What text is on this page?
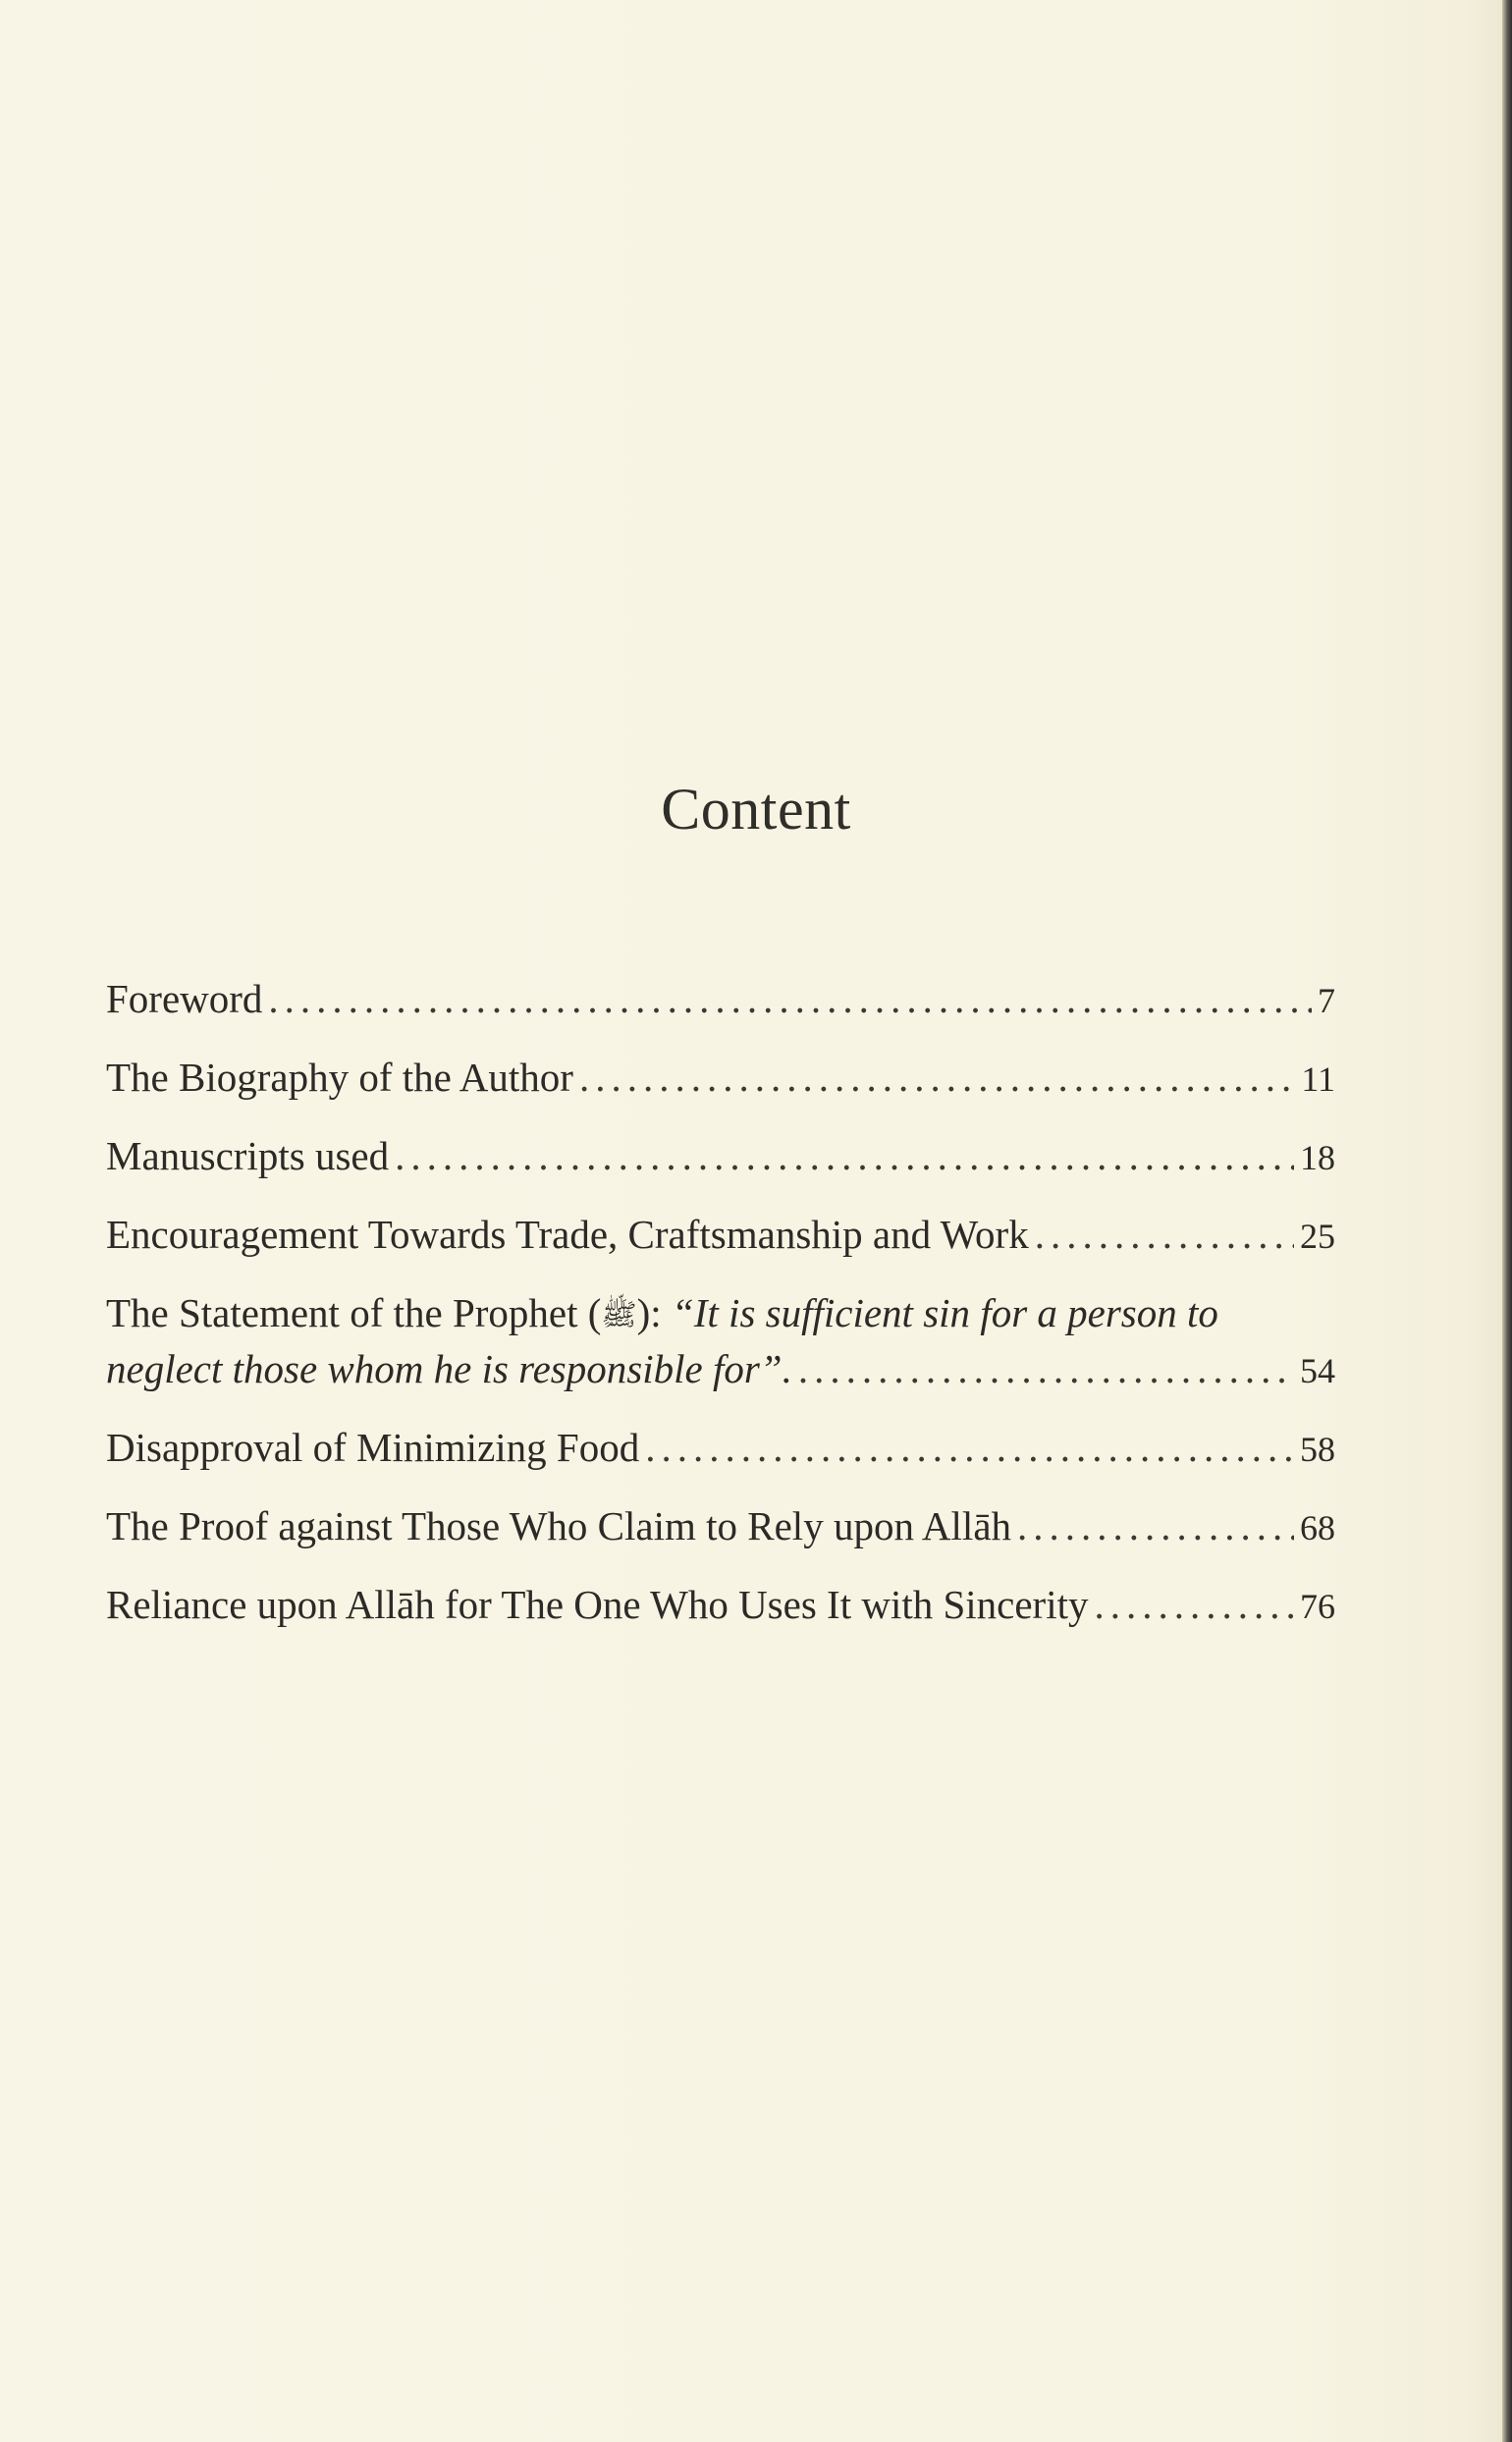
Content
Foreword .....	7
The Biography of the Author .....	11
Manuscripts used .....	18
Encouragement Towards Trade, Craftsmanship and Work .....	25
The Statement of the Prophet (ﷺ): “It is sufficient sin for a person to
neglect those whom he is responsible for”. .....	54
Disapproval of Minimizing Food .....	58
The Proof against Those Who Claim to Rely upon Allāh .....	68
Reliance upon Allāh for The One Who Uses It with Sincerity .....	76
